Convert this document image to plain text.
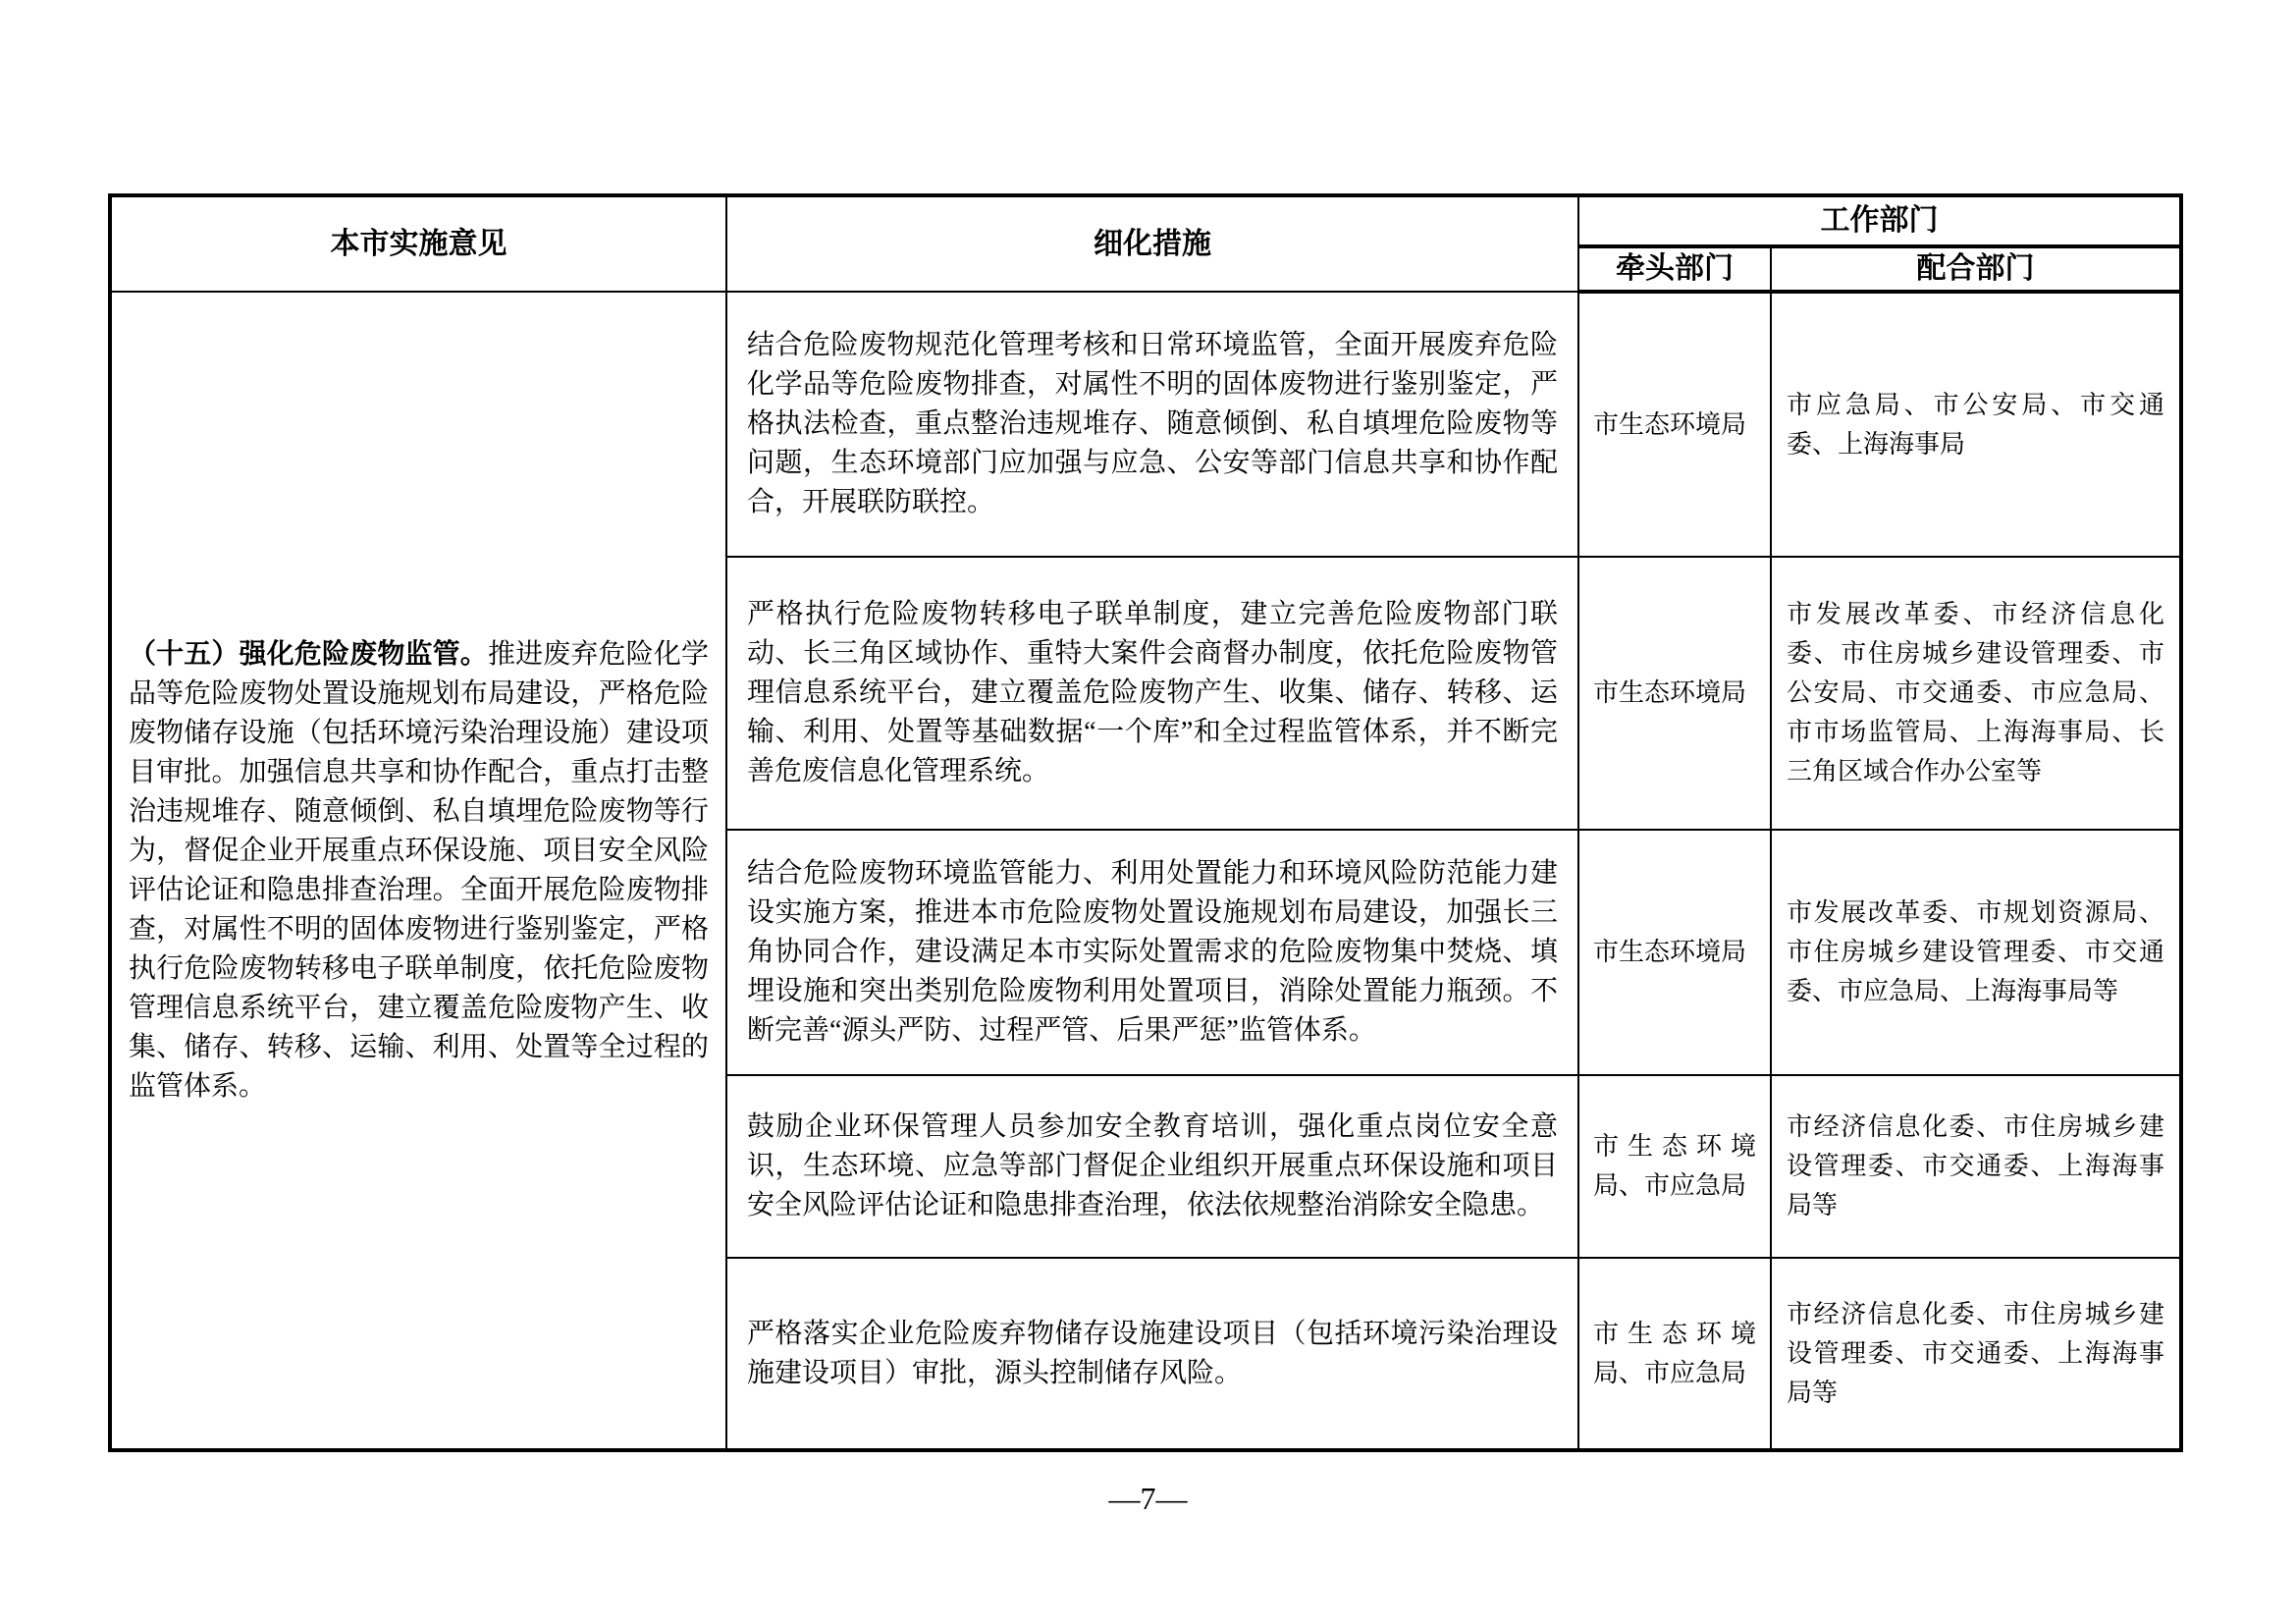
本市实施意见	细化措施	工作部门	
		牵头部门	配合部门
（十五）强化危险废物监管。推进废弃危险化学品等危险废物处置设施规划布局建设，严格危险废物储存设施（包括环境污染治理设施）建设项目审批。加强信息共享和协作配合，重点打击整治违规堆存、随意倾倒、私自填埋危险废物等行为，督促企业开展重点环保设施、项目安全风险评估论证和隐患排查治理。全面开展危险废物排查，对属性不明的固体废物进行鉴别鉴定，严格执行危险废物转移电子联单制度，依托危险废物管理信息系统平台，建立覆盖危险废物产生、收集、储存、转移、运输、利用、处置等全过程的监管体系。	结合危险废物规范化管理考核和日常环境监管，全面开展废弃危险化学品等危险废物排查，对属性不明的固体废物进行鉴别鉴定，严格执法检查，重点整治违规堆存、随意倾倒、私自填埋危险废物等问题，生态环境部门应加强与应急、公安等部门信息共享和协作配合，开展联防联控。	市生态环境局	市应急局、市公安局、市交通委、上海海事局
	严格执行危险废物转移电子联单制度，建立完善危险废物部门联动、长三角区域协作、重特大案件会商督办制度，依托危险废物管理信息系统平台，建立覆盖危险废物产生、收集、储存、转移、运输、利用、处置等基础数据“一个库”和全过程监管体系，并不断完善危废信息化管理系统。	市生态环境局	市发展改革委、市经济信息化委、市住房城乡建设管理委、市公安局、市交通委、市应急局、市市场监管局、上海海事局、长三角区域合作办公室等
	结合危险废物环境监管能力、利用处置能力和环境风险防范能力建设实施方案，推进本市危险废物处置设施规划布局建设，加强长三角协同合作，建设满足本市实际处置需求的危险废物集中焚烧、填埋设施和突出类别危险废物利用处置项目，消除处置能力瓶颈。不断完善“源头严防、过程严管、后果严惩”监管体系。	市生态环境局	市发展改革委、市规划资源局、市住房城乡建设管理委、市交通委、市应急局、上海海事局等
	鼓励企业环保管理人员参加安全教育培训，强化重点岗位安全意识，生态环境、应急等部门督促企业组织开展重点环保设施和项目安全风险评估论证和隐患排查治理，依法依规整治消除安全隐患。	市生态环境局、市应急局	市经济信息化委、市住房城乡建设管理委、市交通委、上海海事局等
	严格落实企业危险废弃物储存设施建设项目（包括环境污染治理设施建设项目）审批，源头控制储存风险。	市生态环境局、市应急局	市经济信息化委、市住房城乡建设管理委、市交通委、上海海事局等
—7—
